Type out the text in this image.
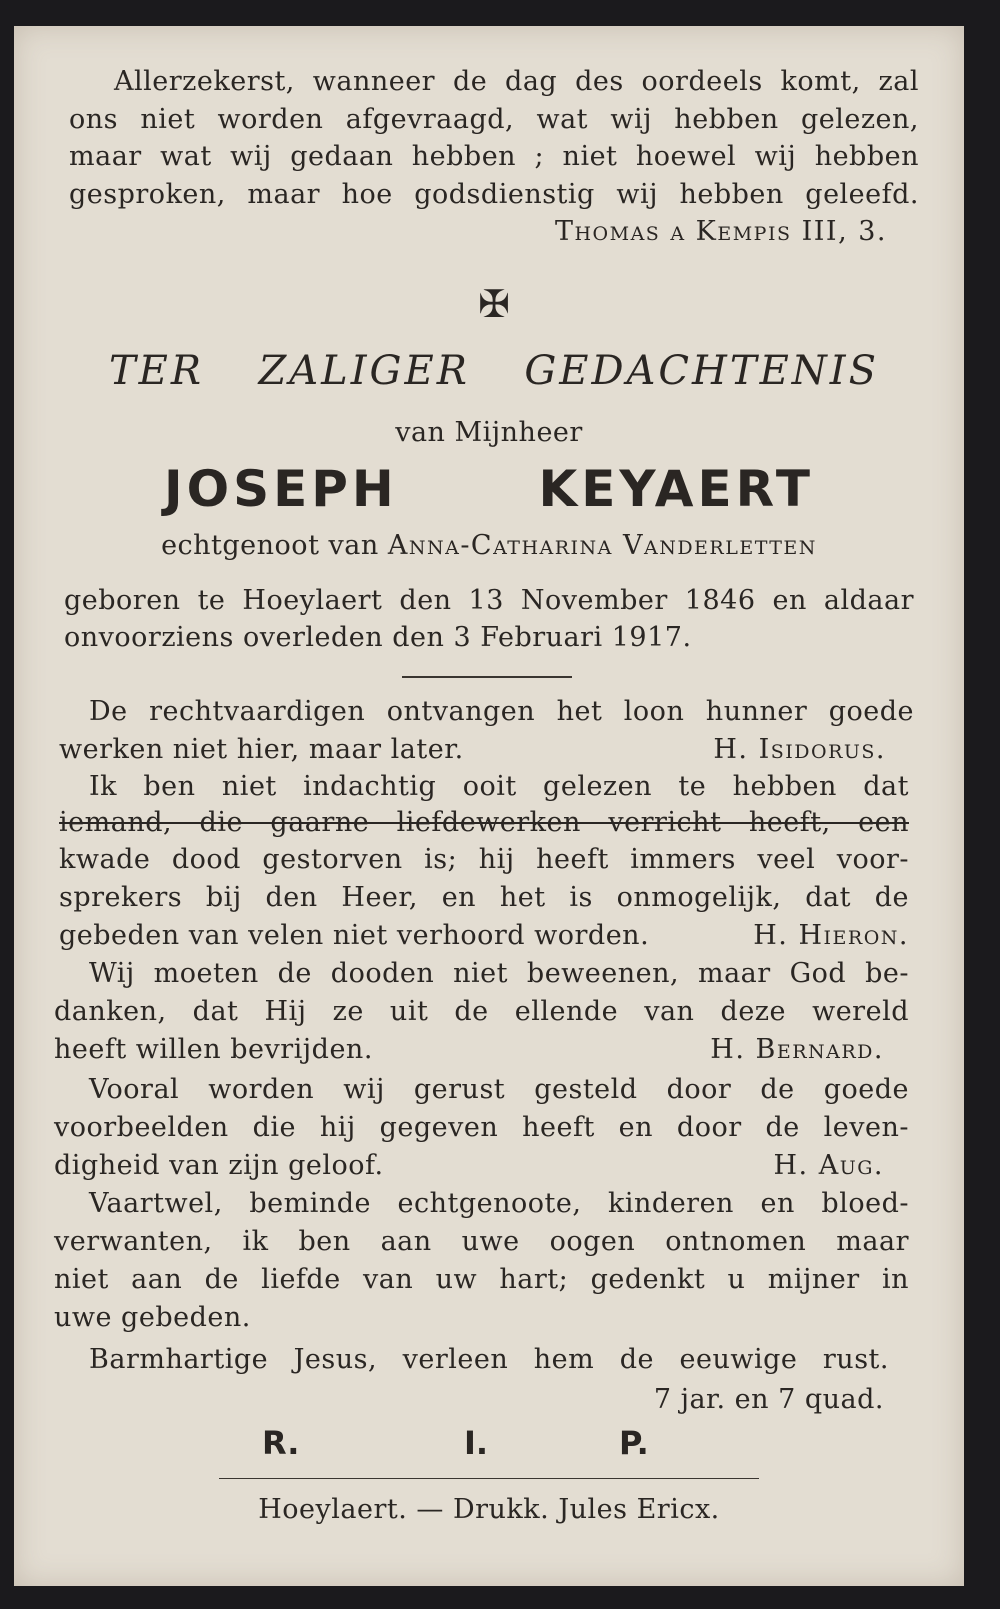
Allerzekerst, wanneer de dag des oordeels komt, zal
ons niet worden afgevraagd, wat wij hebben gelezen,
maar wat wij gedaan hebben ; niet hoewel wij hebben
gesproken, maar hoe godsdienstig wij hebben geleefd.
Thomas a Kempis III, 3.
✠
TER ZALIGER GEDACHTENIS
van Mijnheer
JOSEPH KEYAERT
echtgenoot van Anna-Catharina Vanderletten
geboren te Hoeylaert den 13 November 1846 en aldaar
onvoorziens overleden den 3 Februari 1917.
De rechtvaardigen ontvangen het loon hunner goede
werken niet hier, maar later.	H. Isidorus.
Ik ben niet indachtig ooit gelezen te hebben dat
iemand, die gaarne liefdewerken verricht heeft, een
kwade dood gestorven is; hij heeft immers veel voor-
sprekers bij den Heer, en het is onmogelijk, dat de
gebeden van velen niet verhoord worden.	H. Hieron.
Wij moeten de dooden niet beweenen, maar God be-
danken, dat Hij ze uit de ellende van deze wereld
heeft willen bevrijden.	H. Bernard.
Vooral worden wij gerust gesteld door de goede
voorbeelden die hij gegeven heeft en door de leven-
digheid van zijn geloof.	H. Aug.
Vaartwel, beminde echtgenoote, kinderen en bloed-
verwanten, ik ben aan uwe oogen ontnomen maar
niet aan de liefde van uw hart; gedenkt u mijner in
uwe gebeden.
Barmhartige Jesus, verleen hem de eeuwige rust.
7 jar. en 7 quad.
R.	I.	P.
Hoeylaert. — Drukk. Jules Ericx.
